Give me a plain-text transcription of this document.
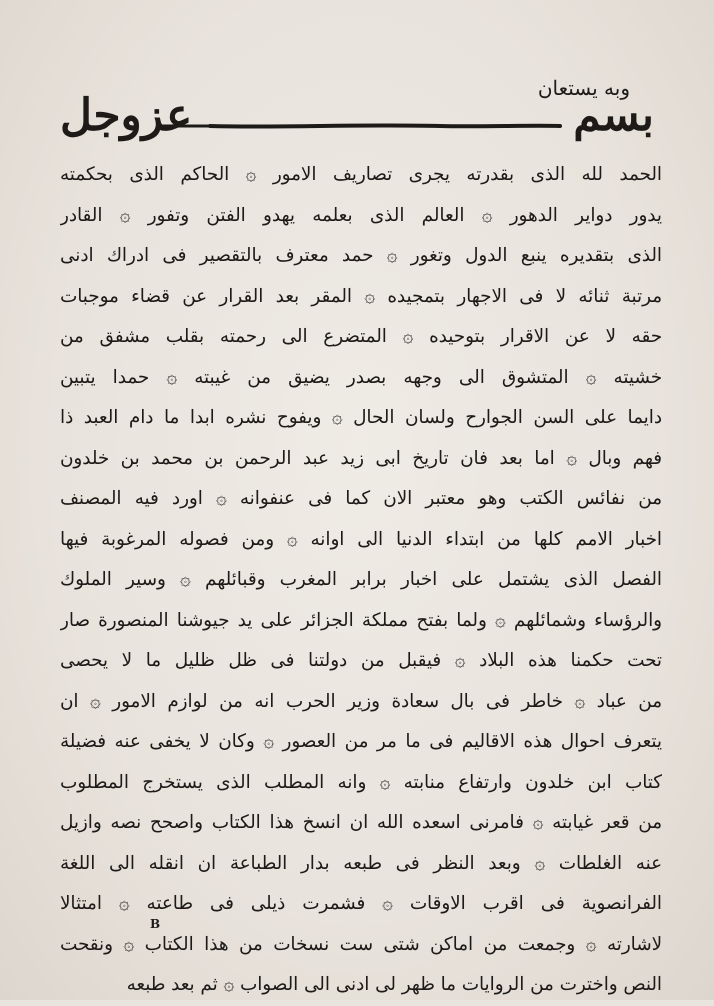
وبه يستعان
بسم
عزوجل
الحمد لله الذى بقدرته يجرى تصاريف الامور ۞ الحاكم الذى بحكمته
يدور دواير الدهور ۞ العالم الذى بعلمه يهدو الفتن وتفور ۞ القادر
الذى بتقديره ينبع الدول وتغور ۞ حمد معترف بالتقصير فى ادراك ادنى
مرتبة ثنائه لا فى الاجهار بتمجيده ۞ المقر بعد القرار عن قضاء موجبات
حقه لا عن الاقرار بتوحيده ۞ المتضرع الى رحمته بقلب مشفق من
خشيته ۞ المتشوق الى وجهه بصدر يضيق من غيبته ۞ حمدا يتبين
دايما على السن الجوارح ولسان الحال ۞ ويفوح نشره ابدا ما دام العبد ذا
فهم وبال ۞ اما بعد فان تاريخ ابى زيد عبد الرحمن بن محمد بن خلدون
من نفائس الكتب وهو معتبر الان كما فى عنفوانه ۞ اورد فيه المصنف
اخبار الامم كلها من ابتداء الدنيا الى اوانه ۞ ومن فصوله المرغوبة فيها
الفصل الذى يشتمل على اخبار برابر المغرب وقبائلهم ۞ وسير الملوك
والرؤساء وشمائلهم ۞ ولما بفتح مملكة الجزائر على يد جيوشنا المنصورة صار
تحت حكمنا هذه البلاد ۞ فيقبل من دولتنا فى ظل ظليل ما لا يحصى
من عباد ۞ خاطر فى بال سعادة وزير الحرب انه من لوازم الامور ۞ ان
يتعرف احوال هذه الاقاليم فى ما مر من العصور ۞ وكان لا يخفى عنه فضيلة
كتاب ابن خلدون وارتفاع منابته ۞ وانه المطلب الذى يستخرج المطلوب
من قعر غيابته ۞ فامرنى اسعده الله ان انسخ هذا الكتاب واصحح نصه وازيل
عنه الغلطات ۞ وبعد النظر فى طبعه بدار الطباعة ان انقله الى اللغة
الفرانصوية فى اقرب الاوقات ۞ فشمرت ذيلى فى طاعته ۞ امتثالا
لاشارته ۞ وجمعت من اماكن شتى ست نسخات من هذا الكتاب ۞ ونقحت
النص واخترت من الروايات ما ظهر لى ادنى الى الصواب ۞ ثم بعد طبعه
B
